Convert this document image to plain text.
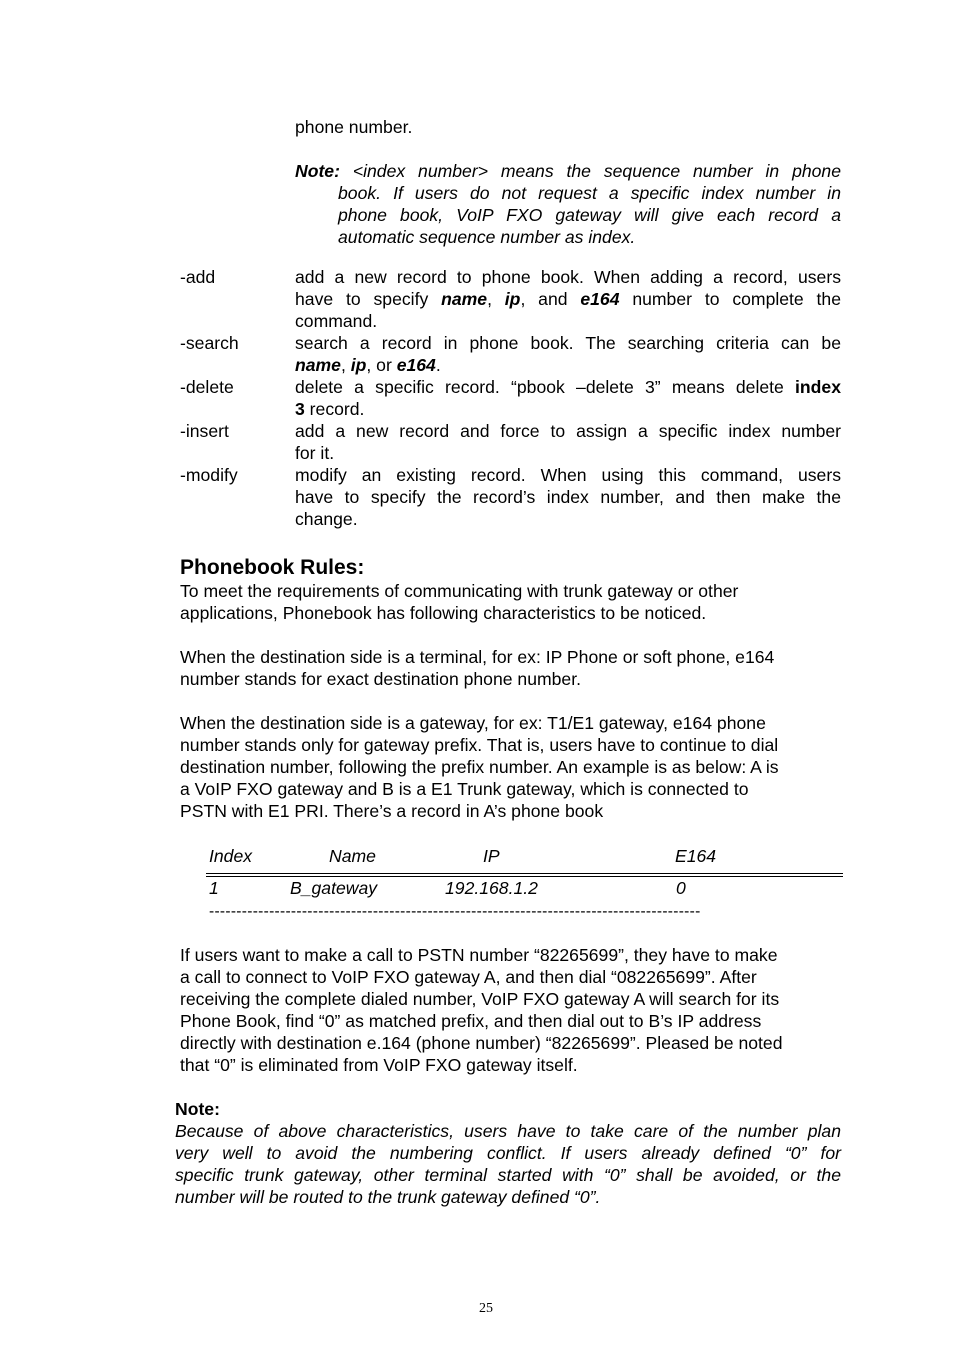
phone number.
Note: <index number> means the sequence number in phone
book. If users do not request a specific index number in
phone book, VoIP FXO gateway will give each record a
automatic sequence number as index.
-add	add a new record to phone book. When adding a record, users
have to specify name, ip, and e164 number to complete the
command.
-search	search a record in phone book. The searching criteria can be
name, ip, or e164.
-delete	delete a specific record. “pbook –delete 3” means delete index
3 record.
-insert	add a new record and force to assign a specific index number
for it.
-modify	modify an existing record. When using this command, users
have to specify the record’s index number, and then make the
change.
Phonebook Rules:
To meet the requirements of communicating with trunk gateway or other
applications, Phonebook has following characteristics to be noticed.
When the destination side is a terminal, for ex: IP Phone or soft phone, e164
number stands for exact destination phone number.
When the destination side is a gateway, for ex: T1/E1 gateway, e164 phone
number stands only for gateway prefix. That is, users have to continue to dial
destination number, following the prefix number. An example is as below: A is
a VoIP FXO gateway and B is a E1 Trunk gateway, which is connected to
PSTN with E1 PRI. There’s a record in A’s phone book
Index	Name	IP	E164
1	B_gateway	192.168.1.2	0
------------------------------------------------------------------------------------------
If users want to make a call to PSTN number “82265699”, they have to make
a call to connect to VoIP FXO gateway A, and then dial “082265699”. After
receiving the complete dialed number, VoIP FXO gateway A will search for its
Phone Book, find “0” as matched prefix, and then dial out to B’s IP address
directly with destination e.164 (phone number) “82265699”. Pleased be noted
that “0” is eliminated from VoIP FXO gateway itself.
Note:
Because of above characteristics, users have to take care of the number plan
very well to avoid the numbering conflict. If users already defined “0” for
specific trunk gateway, other terminal started with “0” shall be avoided, or the
number will be routed to the trunk gateway defined “0”.
25
